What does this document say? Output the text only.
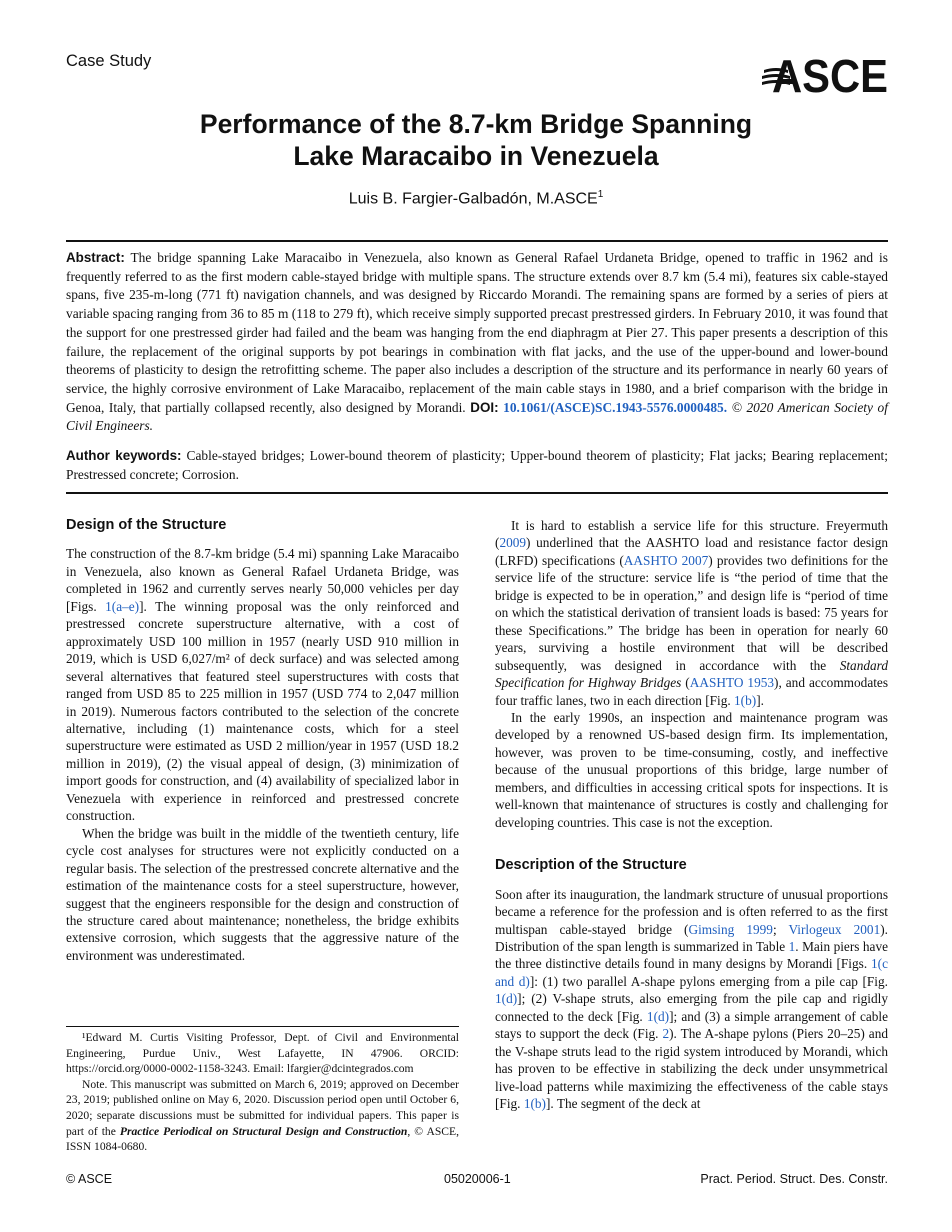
Case Study	ASCE
Performance of the 8.7-km Bridge Spanning
Lake Maracaibo in Venezuela
Luis B. Fargier-Galbadón, M.ASCE$^1$
Abstract: The bridge spanning Lake Maracaibo in Venezuela, also known as General Rafael Urdaneta Bridge, opened to traffic in 1962 and is frequently referred to as the first modern cable-stayed bridge with multiple spans. The structure extends over 8.7 km (5.4 mi), features six cable-stayed spans, five 235-m-long (771 ft) navigation channels, and was designed by Riccardo Morandi. The remaining spans are formed by a series of piers at variable spacing ranging from 36 to 85 m (118 to 279 ft), which receive simply supported precast prestressed girders. In February 2010, it was found that the support for one prestressed girder had failed and the beam was hanging from the end diaphragm at Pier 27. This paper presents a description of this failure, the replacement of the original supports by pot bearings in combination with flat jacks, and the use of the upper-bound and lower-bound theorems of plasticity to design the retrofitting scheme. The paper also includes a description of the structure and its performance in nearly 60 years of service, the highly corrosive environment of Lake Maracaibo, replacement of the main cable stays in 1980, and a brief comparison with the bridge in Genoa, Italy, that partially collapsed recently, also designed by Morandi. DOI: 10.1061/(ASCE)SC.1943-5576.0000485. © 2020 American Society of Civil Engineers.
Author keywords: Cable-stayed bridges; Lower-bound theorem of plasticity; Upper-bound theorem of plasticity; Flat jacks; Bearing replacement; Prestressed concrete; Corrosion.
Design of the Structure

The construction of the 8.7-km bridge (5.4 mi) spanning Lake Maracaibo in Venezuela, also known as General Rafael Urdaneta Bridge, was completed in 1962 and currently serves nearly 50,000 vehicles per day [Figs. 1(a–e)]. The winning proposal was the only reinforced and prestressed concrete superstructure alternative, with a cost of approximately USD 100 million in 1957 (nearly USD 910 million in 2019, which is USD 6,027/m² of deck surface) and was selected among several alternatives that featured steel superstructures with costs that ranged from USD 85 to 225 million in 1957 (USD 774 to 2,047 million in 2019). Numerous factors contributed to the selection of the concrete alternative, including (1) maintenance costs, which for a steel superstructure were estimated as USD 2 million/year in 1957 (USD 18.2 million in 2019), (2) the visual appeal of design, (3) minimization of import goods for construction, and (4) availability of specialized labor in Venezuela with experience in reinforced and prestressed concrete construction.

When the bridge was built in the middle of the twentieth century, life cycle cost analyses for structures were not explicitly conducted on a regular basis. The selection of the prestressed concrete alternative and the estimation of the maintenance costs for a steel superstructure, however, suggest that the engineers responsible for the design and construction of the structure cared about maintenance; nonetheless, the bridge exhibits extensive corrosion, which suggests that the aggressive nature of the environment was underestimated.

It is hard to establish a service life for this structure. Freyermuth (2009) underlined that the AASHTO load and resistance factor design (LRFD) specifications (AASHTO 2007) provides two definitions for the service life of the structure: service life is “the period of time that the bridge is expected to be in operation,” and design life is “period of time on which the statistical derivation of transient loads is based: 75 years for these Specifications.” The bridge has been in operation for nearly 60 years, surviving a hostile environment that will be described subsequently, was designed in accordance with the Standard Specification for Highway Bridges (AASHTO 1953), and accommodates four traffic lanes, two in each direction [Fig. 1(b)].

In the early 1990s, an inspection and maintenance program was developed by a renowned US-based design firm. Its implementation, however, was proven to be time-consuming, costly, and ineffective because of the unusual proportions of this bridge, large number of members, and difficulties in accessing critical spots for inspections. It is well-known that maintenance of structures is costly and challenging for developing countries. This case is not the exception.

Description of the Structure

Soon after its inauguration, the landmark structure of unusual proportions became a reference for the profession and is often referred to as the first multispan cable-stayed bridge (Gimsing 1999; Virlogeux 2001). Distribution of the span length is summarized in Table 1. Main piers have the three distinctive details found in many designs by Morandi [Figs. 1(c and d)]: (1) two parallel A-shape pylons emerging from a pile cap [Fig. 1(d)]; (2) V-shape struts, also emerging from the pile cap and rigidly connected to the deck [Fig. 1(d)]; and (3) a simple arrangement of cable stays to support the deck (Fig. 2). The A-shape pylons (Piers 20–25) and the V-shape struts lead to the rigid system introduced by Morandi, which has proven to be effective in stabilizing the deck under unsymmetrical live-load patterns while maximizing the effectiveness of the cable stays [Fig. 1(b)]. The segment of the deck at

¹Edward M. Curtis Visiting Professor, Dept. of Civil and Environmental Engineering, Purdue Univ., West Lafayette, IN 47906. ORCID: https://orcid.org/0000-0002-1158-3243. Email: lfargier@dcintegrados.com

Note. This manuscript was submitted on March 6, 2019; approved on December 23, 2019; published online on May 6, 2020. Discussion period open until October 6, 2020; separate discussions must be submitted for individual papers. This paper is part of the Practice Periodical on Structural Design and Construction, © ASCE, ISSN 1084-0680.

© ASCE	05020006-1	Pract. Period. Struct. Des. Constr.
